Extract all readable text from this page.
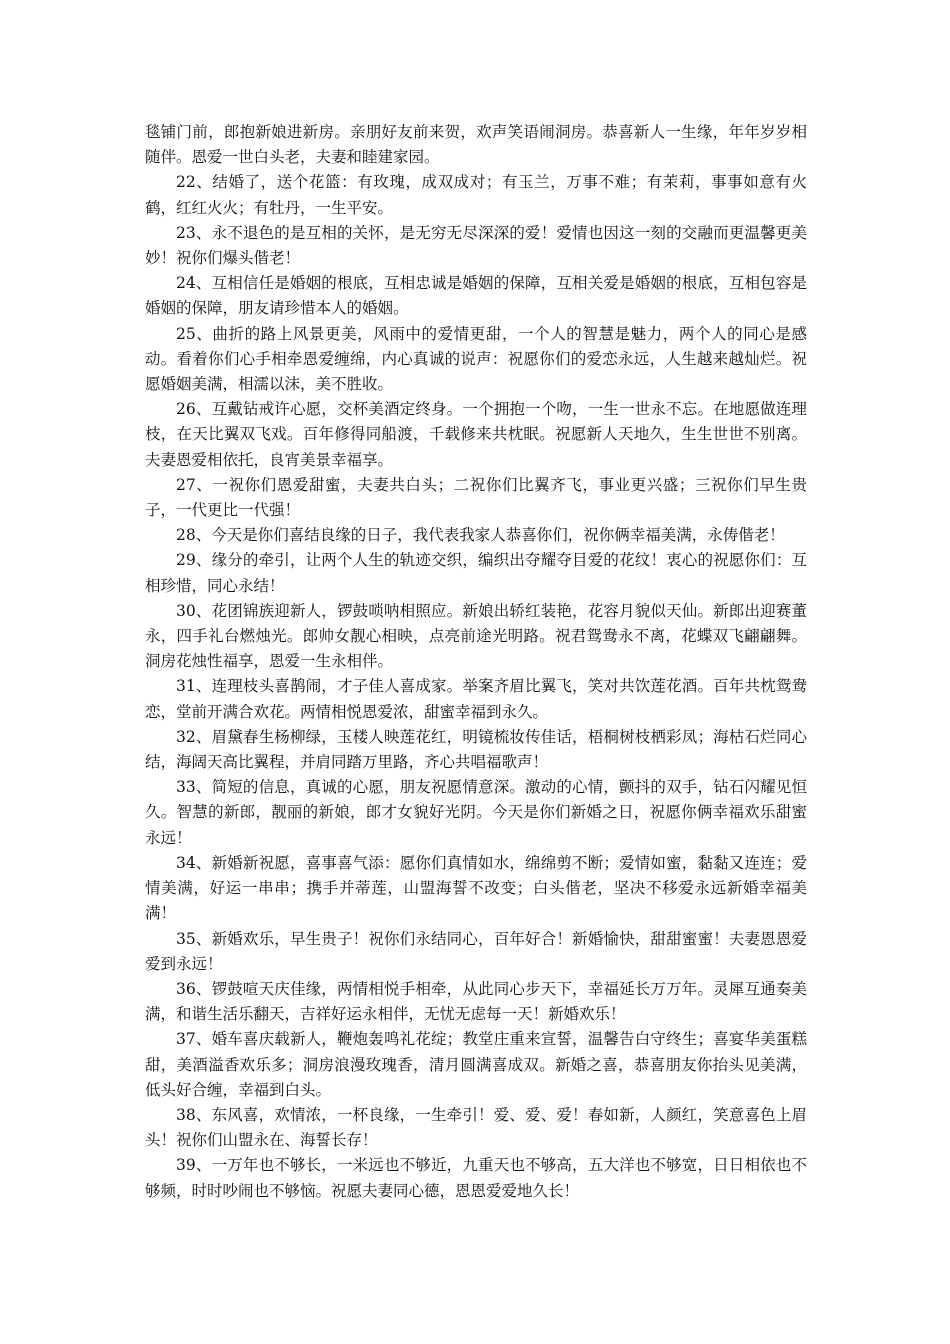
毯铺门前，郎抱新娘进新房。亲朋好友前来贺，欢声笑语闹洞房。恭喜新人一生缘，年年岁岁相随伴。恩爱一世白头老，夫妻和睦建家园。

22、结婚了，送个花篮：有玫瑰，成双成对；有玉兰，万事不难；有茉莉，事事如意有火鹤，红红火火；有牡丹，一生平安。

23、永不退色的是互相的关怀，是无穷无尽深深的爱！爱情也因这一刻的交融而更温馨更美妙！祝你们爆头偕老！

24、互相信任是婚姻的根底，互相忠诚是婚姻的保障，互相关爱是婚姻的根底，互相包容是婚姻的保障，朋友请珍惜本人的婚姻。

25、曲折的路上风景更美，风雨中的爱情更甜，一个人的智慧是魅力，两个人的同心是感动。看着你们心手相牵恩爱缠绵，内心真诚的说声：祝愿你们的爱恋永远，人生越来越灿烂。祝愿婚姻美满，相濡以沫，美不胜收。

26、互戴钻戒许心愿，交杯美酒定终身。一个拥抱一个吻，一生一世永不忘。在地愿做连理枝，在天比翼双飞戏。百年修得同船渡，千载修来共枕眠。祝愿新人天地久，生生世世不别离。夫妻恩爱相依托，良宵美景幸福享。

27、一祝你们恩爱甜蜜，夫妻共白头；二祝你们比翼齐飞，事业更兴盛；三祝你们早生贵子，一代更比一代强！

28、今天是你们喜结良缘的日子，我代表我家人恭喜你们，祝你俩幸福美满，永俦偕老！

29、缘分的牵引，让两个人生的轨迹交织，编织出夺耀夺目爱的花纹！衷心的祝愿你们：互相珍惜，同心永结！

30、花团锦族迎新人，锣鼓唢呐相照应。新娘出轿红装艳，花容月貌似天仙。新郎出迎赛董永，四手礼台燃烛光。郎帅女靓心相映，点亮前途光明路。祝君鸳鸯永不离，花蝶双飞翩翩舞。洞房花烛性福享，恩爱一生永相伴。

31、连理枝头喜鹊闹，才子佳人喜成家。举案齐眉比翼飞，笑对共饮莲花酒。百年共枕鸳鸯恋，堂前开满合欢花。两情相悦恩爱浓，甜蜜幸福到永久。

32、眉黛春生杨柳绿，玉楼人映莲花红，明镜梳妆传佳话，梧桐树枝栖彩凤；海枯石烂同心结，海阔天高比翼程，并肩同踏万里路，齐心共唱福歌声！

33、简短的信息，真诚的心愿，朋友祝愿情意深。激动的心情，颤抖的双手，钻石闪耀见恒久。智慧的新郎，靓丽的新娘，郎才女貌好光阴。今天是你们新婚之日，祝愿你俩幸福欢乐甜蜜永远！

34、新婚新祝愿，喜事喜气添：愿你们真情如水，绵绵剪不断；爱情如蜜，黏黏又连连；爱情美满，好运一串串；携手并蒂莲，山盟海誓不改变；白头偕老，坚决不移爱永远新婚幸福美满！

35、新婚欢乐，早生贵子！祝你们永结同心，百年好合！新婚愉快，甜甜蜜蜜！夫妻恩恩爱爱到永远！

36、锣鼓喧天庆佳缘，两情相悦手相牵，从此同心步天下，幸福延长万万年。灵犀互通奏美满，和谐生活乐翻天，吉祥好运永相伴，无忧无虑每一天！新婚欢乐！

37、婚车喜庆载新人，鞭炮轰鸣礼花绽；教堂庄重来宣誓，温馨告白守终生；喜宴华美蛋糕甜，美酒溢香欢乐多；洞房浪漫玫瑰香，清月圆满喜成双。新婚之喜，恭喜朋友你抬头见美满，低头好合缠，幸福到白头。

38、东风喜，欢情浓，一杯良缘，一生牵引！爱、爱、爱！春如新，人颜红，笑意喜色上眉头！祝你们山盟永在、海誓长存！

39、一万年也不够长，一米远也不够近，九重天也不够高，五大洋也不够宽，日日相依也不够频，时时吵闹也不够恼。祝愿夫妻同心德，恩恩爱爱地久长！
